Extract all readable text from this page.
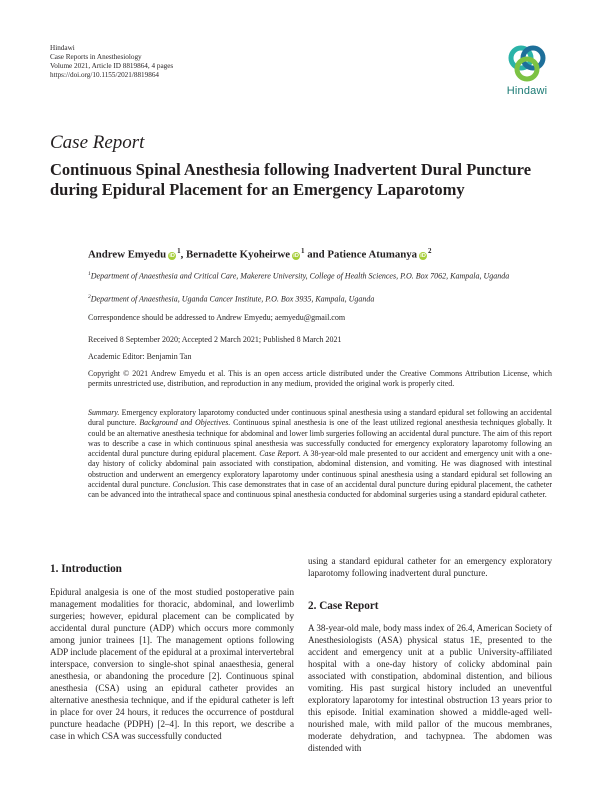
Hindawi
Case Reports in Anesthesiology
Volume 2021, Article ID 8819864, 4 pages
https://doi.org/10.1155/2021/8819864
Hindawi
Case Report
Continuous Spinal Anesthesia following Inadvertent Dural Puncture during Epidural Placement for an Emergency Laparotomy
Andrew Emyedu $iD^1$, Bernadette Kyoheirwe $iD^1$ and Patience Atumanya $iD^2$
$^1$Department of Anaesthesia and Critical Care, Makerere University, College of Health Sciences, P.O. Box 7062, Kampala, Uganda
$^2$Department of Anaesthesia, Uganda Cancer Institute, P.O. Box 3935, Kampala, Uganda
Correspondence should be addressed to Andrew Emyedu; aemyedu@gmail.com
Received 8 September 2020; Accepted 2 March 2021; Published 8 March 2021
Academic Editor: Benjamin Tan
Copyright © 2021 Andrew Emyedu et al. This is an open access article distributed under the Creative Commons Attribution License, which permits unrestricted use, distribution, and reproduction in any medium, provided the original work is properly cited.
Summary. Emergency exploratory laparotomy conducted under continuous spinal anesthesia using a standard epidural set following an accidental dural puncture. Background and Objectives. Continuous spinal anesthesia is one of the least utilized regional anesthesia techniques globally. It could be an alternative anesthesia technique for abdominal and lower limb surgeries following an accidental dural puncture. The aim of this report was to describe a case in which continuous spinal anesthesia was successfully conducted for emergency exploratory laparotomy following an accidental dural puncture during epidural placement. Case Report. A 38-year-old male presented to our accident and emergency unit with a one-day history of colicky abdominal pain associated with constipation, abdominal distension, and vomiting. He was diagnosed with intestinal obstruction and underwent an emergency exploratory laparotomy under continuous spinal anesthesia using a standard epidural set following an accidental dural puncture. Conclusion. This case demonstrates that in case of an accidental dural puncture during epidural placement, the catheter can be advanced into the intrathecal space and continuous spinal anesthesia conducted for abdominal surgeries using a standard epidural catheter.
1. Introduction
Epidural analgesia is one of the most studied postoperative pain management modalities for thoracic, abdominal, and lowerlimb surgeries; however, epidural placement can be complicated by accidental dural puncture (ADP) which occurs more commonly among junior trainees [1]. The management options following ADP include placement of the epidural at a proximal intervertebral interspace, conversion to single-shot spinal anaesthesia, general anesthesia, or abandoning the procedure [2]. Continuous spinal anesthesia (CSA) using an epidural catheter provides an alternative anesthesia technique, and if the epidural catheter is left in place for over 24 hours, it reduces the occurrence of postdural puncture headache (PDPH) [2–4]. In this report, we describe a case in which CSA was successfully conducted
using a standard epidural catheter for an emergency exploratory laparotomy following inadvertent dural puncture.
2. Case Report
A 38-year-old male, body mass index of 26.4, American Society of Anesthesiologists (ASA) physical status 1E, presented to the accident and emergency unit at a public University-affiliated hospital with a one-day history of colicky abdominal pain associated with constipation, abdominal distention, and bilious vomiting. His past surgical history included an uneventful exploratory laparotomy for intestinal obstruction 13 years prior to this episode. Initial examination showed a middle-aged well-nourished male, with mild pallor of the mucous membranes, moderate dehydration, and tachypnea. The abdomen was distended with
